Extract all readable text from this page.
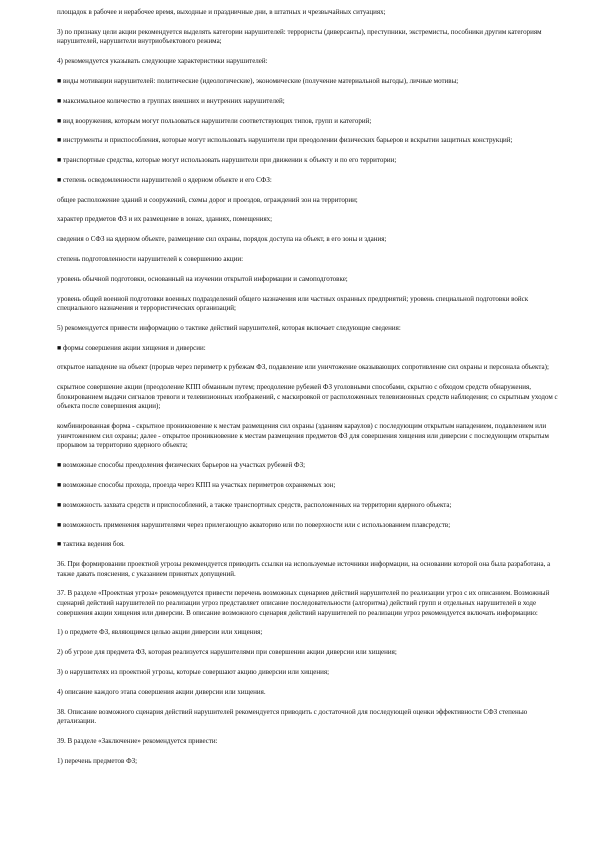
площадок в рабочее и нерабочее время, выходные и праздничные дни, в штатных и чрезвычайных ситуациях;

3) по признаку цели акции рекомендуется выделять категории нарушителей: террористы (диверсанты), преступники, экстремисты, пособники другим категориям нарушителей, нарушители внутриобъектового режима;

4) рекомендуется указывать следующие характеристики нарушителей:

■ виды мотивации нарушителей: политические (идеологические), экономические (получение материальной выгоды), личные мотивы;

■ максимальное количество в группах внешних и внутренних нарушителей;

■ вид вооружения, которым могут пользоваться нарушители соответствующих типов, групп и категорий;

■ инструменты и приспособления, которые могут использовать нарушители при преодолении физических барьеров и вскрытии защитных конструкций;

■ транспортные средства, которые могут использовать нарушители при движении к объекту и по его территории;

■ степень осведомленности нарушителей о ядерном объекте и его СФЗ:

общее расположение зданий и сооружений, схемы дорог и проездов, ограждений зон на территории;

характер предметов ФЗ и их размещение в зонах, зданиях, помещениях;

сведения о СФЗ на ядерном объекте, размещение сил охраны, порядок доступа на объект, в его зоны и здания;

степень подготовленности нарушителей к совершению акции:

уровень обычной подготовки, основанный на изучении открытой информации и самоподготовке;

уровень общей военной подготовки военных подразделений общего назначения или частных охранных предприятий; уровень специальной подготовки войск специального назначения и террористических организаций;

5) рекомендуется привести информацию о тактике действий нарушителей, которая включает следующие сведения:

■ формы совершения акции хищения и диверсии:

открытое нападение на объект (прорыв через периметр к рубежам ФЗ, подавление или уничтожение оказывающих сопротивление сил охраны и персонала объекта);

скрытное совершение акции (преодоление КПП обманным путем; преодоление рубежей ФЗ уголовными способами, скрытно с обходом средств обнаружения, блокированием выдачи сигналов тревоги и телевизионных изображений, с маскировкой от расположенных телевизионных средств наблюдения; со скрытным уходом с объекта после совершения акции);

комбинированная форма - скрытное проникновение к местам размещения сил охраны (зданиям караулов) с последующим открытым нападением, подавлением или уничтожением сил охраны; далее - открытое проникновение к местам размещения предметов ФЗ для совершения хищения или диверсии с последующим открытым прорывом за территорию ядерного объекта;

■ возможные способы преодоления физических барьеров на участках рубежей ФЗ;

■ возможные способы прохода, проезда через КПП на участках периметров охраняемых зон;

■ возможность захвата средств и приспособлений, а также транспортных средств, расположенных на территории ядерного объекта;

■ возможность применения нарушителями через прилегающую акваторию или по поверхности или с использованием плавсредств;

■ тактика ведения боя.

36. При формировании проектной угрозы рекомендуется приводить ссылки на используемые источники информации, на основании которой она была разработана, а также давать пояснения, с указанием принятых допущений.

37. В разделе «Проектная угроза» рекомендуется привести перечень возможных сценариев действий нарушителей по реализации угроз с их описанием. Возможный сценарий действий нарушителей по реализации угроз представляет описание последовательности (алгоритма) действий групп и отдельных нарушителей в ходе совершения акции хищения или диверсии. В описание возможного сценария действий нарушителей по реализации угроз рекомендуется включать информацию:

1) о предмете ФЗ, являющимся целью акции диверсии или хищения;

2) об угрозе для предмета ФЗ, которая реализуется нарушителями при совершении акции диверсии или хищения;

3) о нарушителях из проектной угрозы, которые совершают акцию диверсии или хищения;

4) описание каждого этапа совершения акции диверсии или хищения.

38. Описание возможного сценария действий нарушителей рекомендуется приводить с достаточной для последующей оценки эффективности СФЗ степенью детализации.

39. В разделе «Заключение» рекомендуется привести:

1) перечень предметов ФЗ;
